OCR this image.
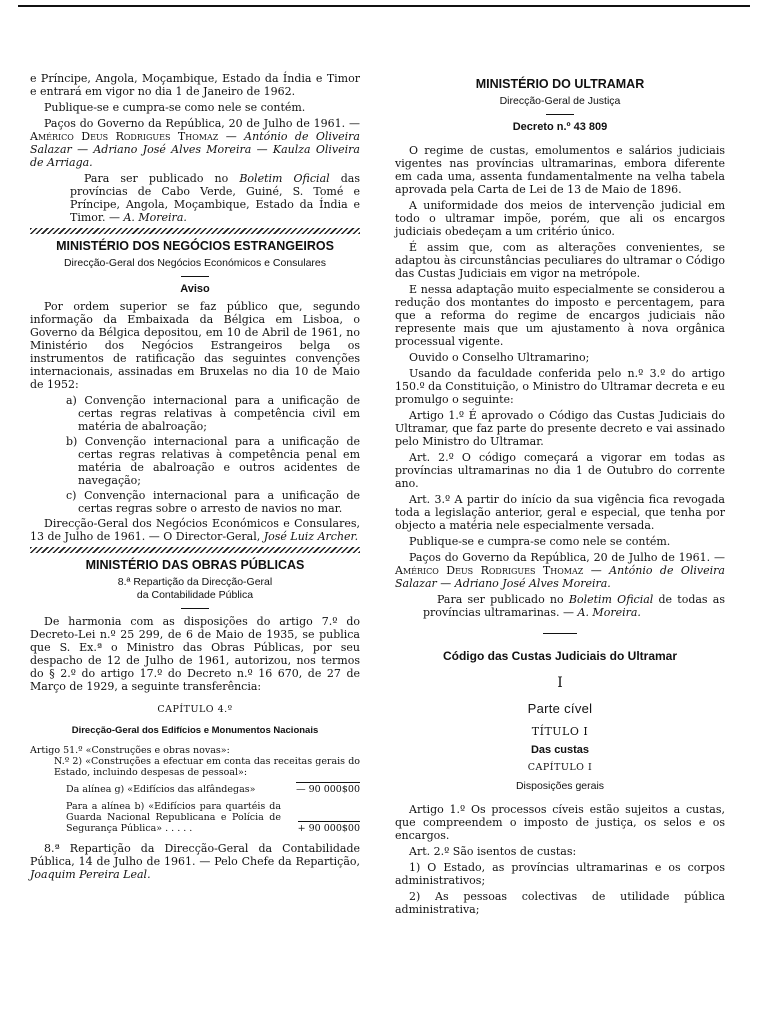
e Príncipe, Angola, Moçambique, Estado da Índia e Timor e entrará em vigor no dia 1 de Janeiro de 1962.

Publique-se e cumpra-se como nele se contém.

Paços do Governo da República, 20 de Julho de 1961. — Américo Deus Rodrigues Thomaz — António de Oliveira Salazar — Adriano José Alves Moreira — Kaulza Oliveira de Arriaga.

Para ser publicado no Boletim Oficial das províncias de Cabo Verde, Guiné, S. Tomé e Príncipe, Angola, Moçambique, Estado da Índia e Timor. — A. Moreira.

MINISTÉRIO DOS NEGÓCIOS ESTRANGEIROS
Direcção-Geral dos Negócios Económicos e Consulares
Aviso

Por ordem superior se faz público que, segundo informação da Embaixada da Bélgica em Lisboa, o Governo da Bélgica depositou, em 10 de Abril de 1961, no Ministério dos Negócios Estrangeiros belga os instrumentos de ratificação das seguintes convenções internacionais, assinadas em Bruxelas no dia 10 de Maio de 1952:

a) Convenção internacional para a unificação de certas regras relativas à competência civil em matéria de abalroação;

b) Convenção internacional para a unificação de certas regras relativas à competência penal em matéria de abalroação e outros acidentes de navegação;

c) Convenção internacional para a unificação de certas regras sobre o arresto de navios no mar.

Direcção-Geral dos Negócios Económicos e Consulares, 13 de Julho de 1961. — O Director-Geral, José Luiz Archer.

MINISTÉRIO DAS OBRAS PÚBLICAS
8.ª Repartição da Direcção-Geral
da Contabilidade Pública

De harmonia com as disposições do artigo 7.º do Decreto-Lei n.º 25 299, de 6 de Maio de 1935, se publica que S. Ex.ª o Ministro das Obras Públicas, por seu despacho de 12 de Julho de 1961, autorizou, nos termos do § 2.º do artigo 17.º do Decreto n.º 16 670, de 27 de Março de 1929, a seguinte transferência:

CAPÍTULO 4.º
Direcção-Geral dos Edifícios e Monumentos Nacionais
Artigo 51.º «Construções e obras novas»:
N.º 2) «Construções a efectuar em conta das receitas gerais do Estado, incluindo despesas de pessoal»:
Da alínea g) «Edifícios das alfândegas»	— 90 000$00
Para a alínea b) «Edifícios para quartéis da Guarda Nacional Republicana e Polícia de Segurança Pública» . . . . .	+ 90 000$00

8.ª Repartição da Direcção-Geral da Contabilidade Pública, 14 de Julho de 1961. — Pelo Chefe da Repartição, Joaquim Pereira Leal.

MINISTÉRIO DO ULTRAMAR
Direcção-Geral de Justiça
Decreto n.º 43 809

O regime de custas, emolumentos e salários judiciais vigentes nas províncias ultramarinas, embora diferente em cada uma, assenta fundamentalmente na velha tabela aprovada pela Carta de Lei de 13 de Maio de 1896.

A uniformidade dos meios de intervenção judicial em todo o ultramar impõe, porém, que ali os encargos judiciais obedeçam a um critério único.

É assim que, com as alterações convenientes, se adaptou às circunstâncias peculiares do ultramar o Código das Custas Judiciais em vigor na metrópole.

E nessa adaptação muito especialmente se considerou a redução dos montantes do imposto e percentagem, para que a reforma do regime de encargos judiciais não represente mais que um ajustamento à nova orgânica processual vigente.

Ouvido o Conselho Ultramarino;

Usando da faculdade conferida pelo n.º 3.º do artigo 150.º da Constituição, o Ministro do Ultramar decreta e eu promulgo o seguinte:

Artigo 1.º É aprovado o Código das Custas Judiciais do Ultramar, que faz parte do presente decreto e vai assinado pelo Ministro do Ultramar.

Art. 2.º O código começará a vigorar em todas as províncias ultramarinas no dia 1 de Outubro do corrente ano.

Art. 3.º A partir do início da sua vigência fica revogada toda a legislação anterior, geral e especial, que tenha por objecto a matéria nele especialmente versada.

Publique-se e cumpra-se como nele se contém.

Paços do Governo da República, 20 de Julho de 1961. — Américo Deus Rodrigues Thomaz — António de Oliveira Salazar — Adriano José Alves Moreira.

Para ser publicado no Boletim Oficial de todas as províncias ultramarinas. — A. Moreira.

Código das Custas Judiciais do Ultramar
I
Parte cível
TÍTULO I
Das custas
CAPÍTULO I
Disposições gerais

Artigo 1.º Os processos cíveis estão sujeitos a custas, que compreendem o imposto de justiça, os selos e os encargos.

Art. 2.º São isentos de custas:

1) O Estado, as províncias ultramarinas e os corpos administrativos;

2) As pessoas colectivas de utilidade pública administrativa;
